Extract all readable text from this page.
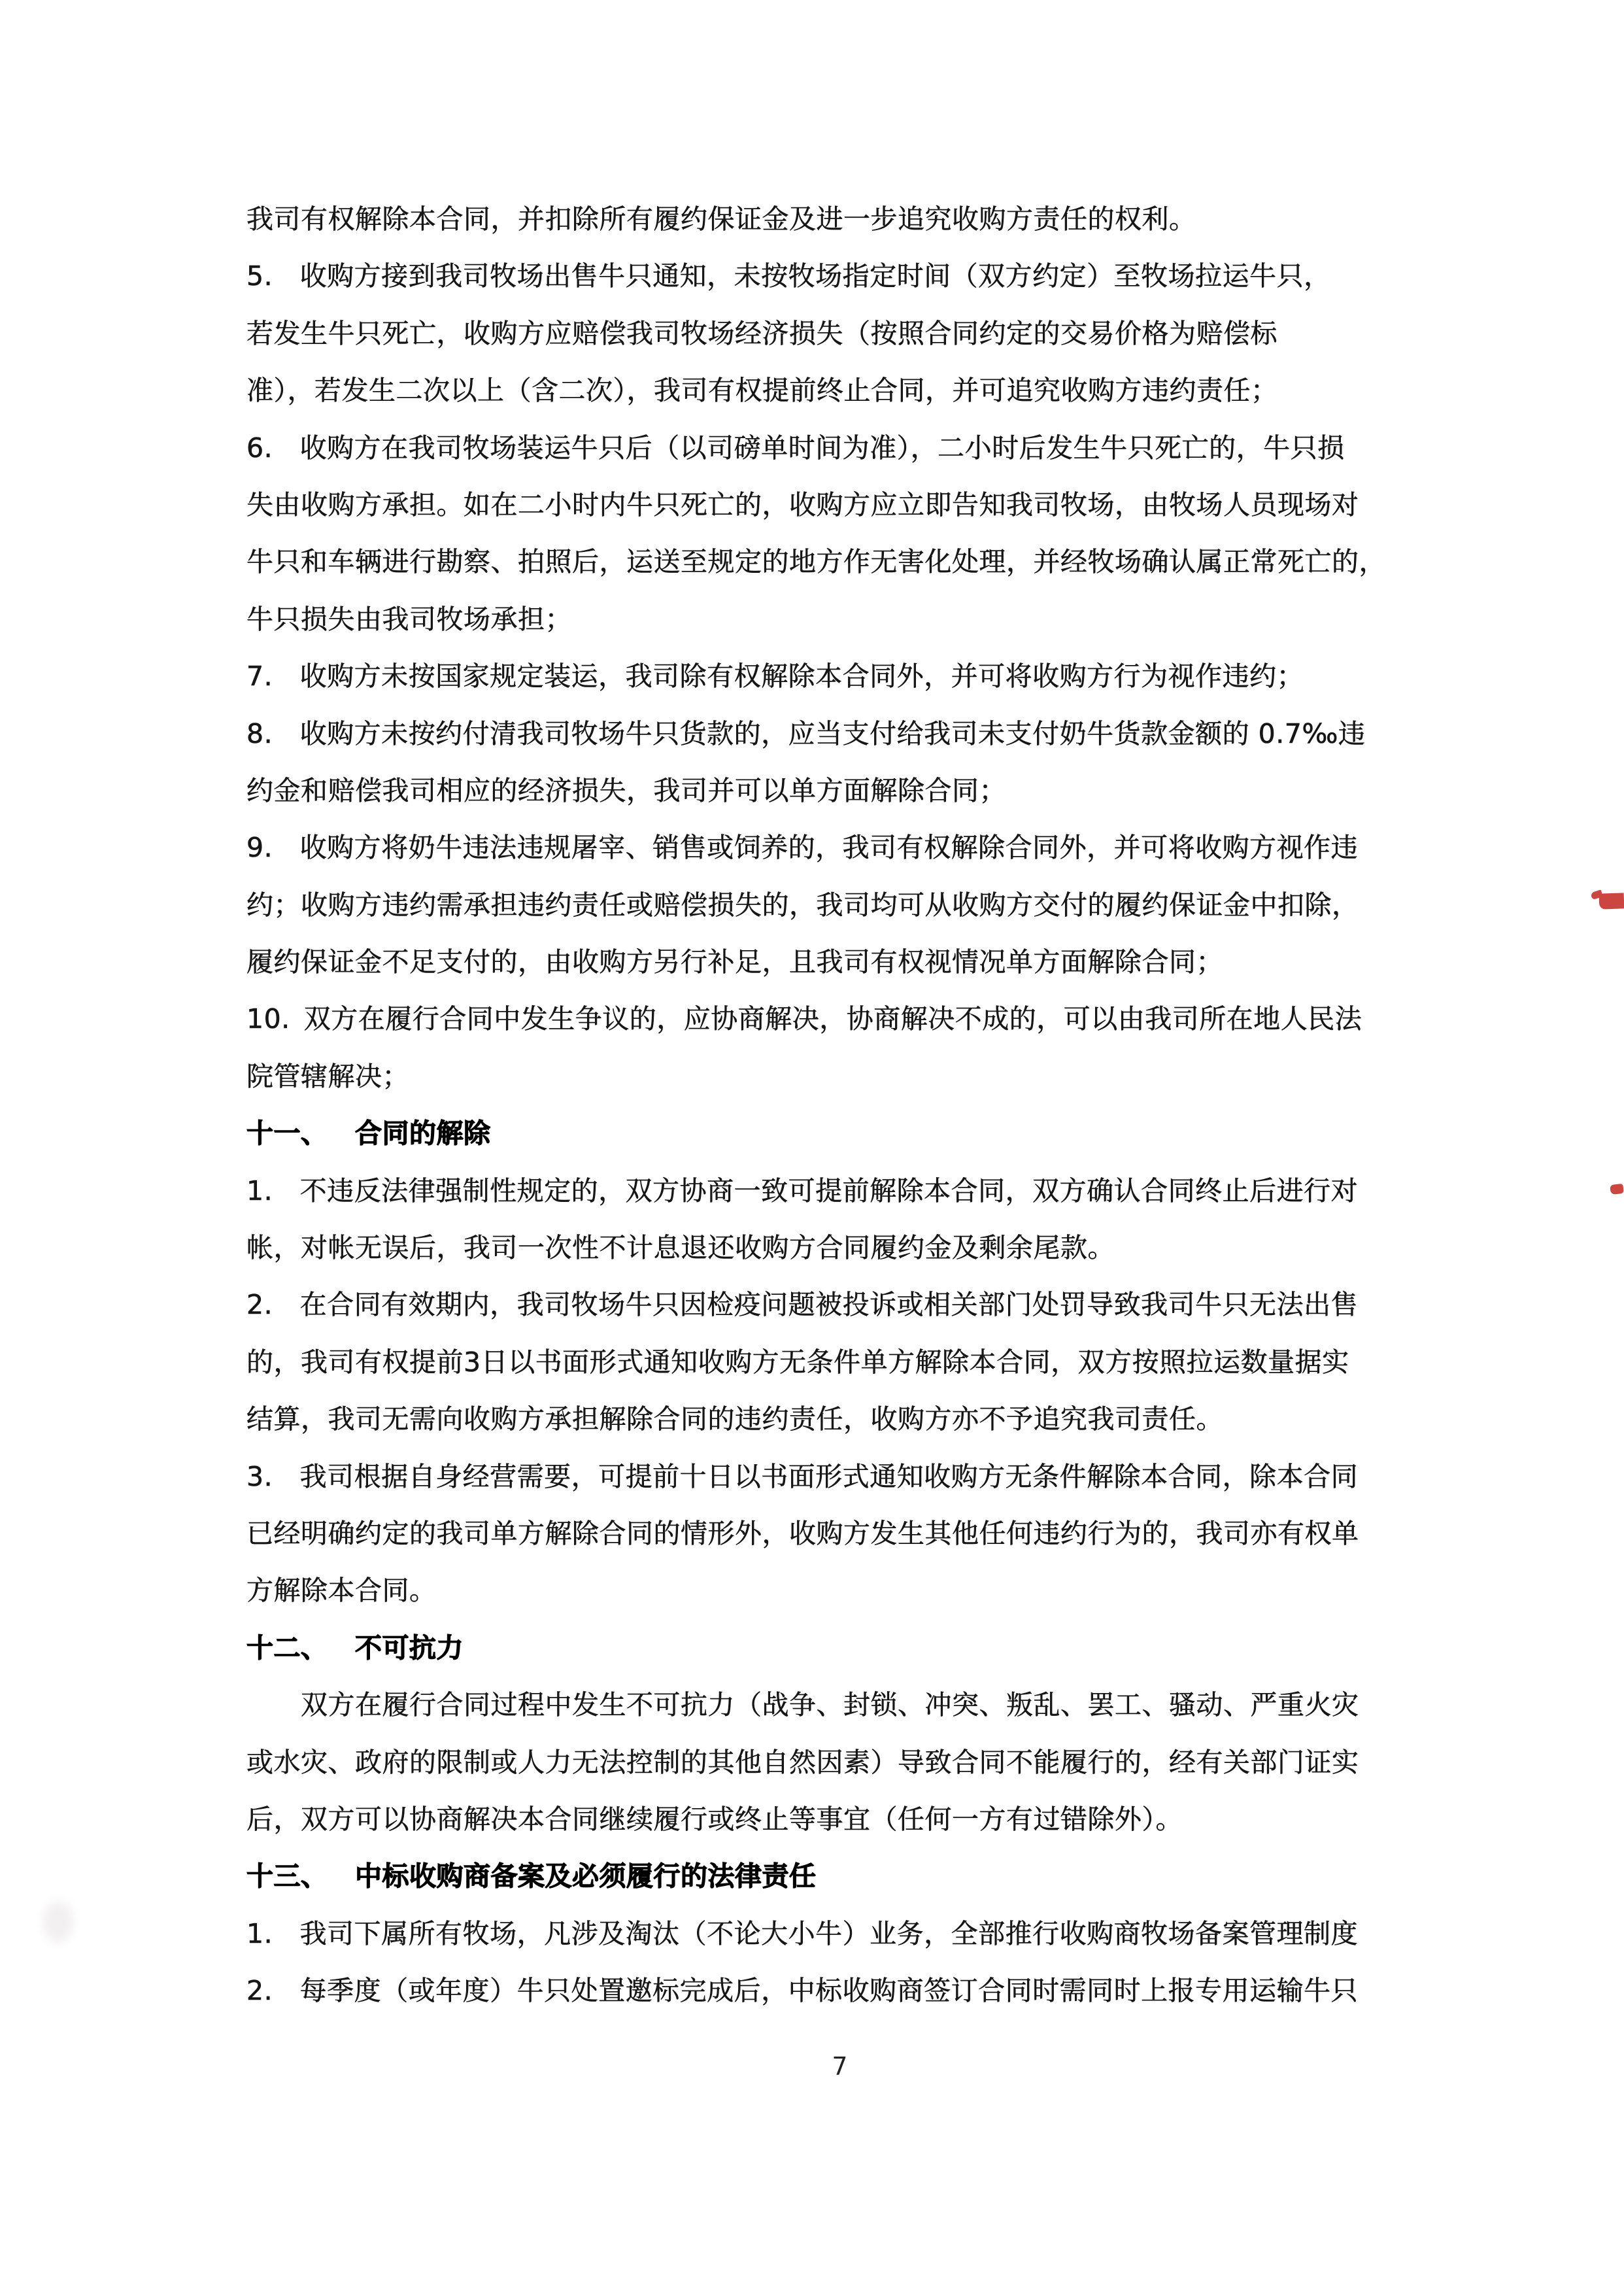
我司有权解除本合同，并扣除所有履约保证金及进一步追究收购方责任的权利。
5. 收购方接到我司牧场出售牛只通知，未按牧场指定时间（双方约定）至牧场拉运牛只，
若发生牛只死亡，收购方应赔偿我司牧场经济损失（按照合同约定的交易价格为赔偿标
准），若发生二次以上（含二次），我司有权提前终止合同，并可追究收购方违约责任；
6. 收购方在我司牧场装运牛只后（以司磅单时间为准），二小时后发生牛只死亡的，牛只损
失由收购方承担。如在二小时内牛只死亡的，收购方应立即告知我司牧场，由牧场人员现场对
牛只和车辆进行勘察、拍照后，运送至规定的地方作无害化处理，并经牧场确认属正常死亡的，
牛只损失由我司牧场承担；
7. 收购方未按国家规定装运，我司除有权解除本合同外，并可将收购方行为视作违约；
8. 收购方未按约付清我司牧场牛只货款的，应当支付给我司未支付奶牛货款金额的 0.7‰违
约金和赔偿我司相应的经济损失，我司并可以单方面解除合同；
9. 收购方将奶牛违法违规屠宰、销售或饲养的，我司有权解除合同外，并可将收购方视作违
约；收购方违约需承担违约责任或赔偿损失的，我司均可从收购方交付的履约保证金中扣除，
履约保证金不足支付的，由收购方另行补足，且我司有权视情况单方面解除合同；
10. 双方在履行合同中发生争议的，应协商解决，协商解决不成的，可以由我司所在地人民法
院管辖解决；
十一、 合同的解除
1. 不违反法律强制性规定的，双方协商一致可提前解除本合同，双方确认合同终止后进行对
帐，对帐无误后，我司一次性不计息退还收购方合同履约金及剩余尾款。
2. 在合同有效期内，我司牧场牛只因检疫问题被投诉或相关部门处罚导致我司牛只无法出售
的，我司有权提前3日以书面形式通知收购方无条件单方解除本合同，双方按照拉运数量据实
结算，我司无需向收购方承担解除合同的违约责任，收购方亦不予追究我司责任。
3. 我司根据自身经营需要，可提前十日以书面形式通知收购方无条件解除本合同，除本合同
已经明确约定的我司单方解除合同的情形外，收购方发生其他任何违约行为的，我司亦有权单
方解除本合同。
十二、 不可抗力
　　双方在履行合同过程中发生不可抗力（战争、封锁、冲突、叛乱、罢工、骚动、严重火灾
或水灾、政府的限制或人力无法控制的其他自然因素）导致合同不能履行的，经有关部门证实
后，双方可以协商解决本合同继续履行或终止等事宜（任何一方有过错除外）。
十三、 中标收购商备案及必须履行的法律责任
1. 我司下属所有牧场，凡涉及淘汰（不论大小牛）业务，全部推行收购商牧场备案管理制度
2. 每季度（或年度）牛只处置邀标完成后，中标收购商签订合同时需同时上报专用运输牛只
7
